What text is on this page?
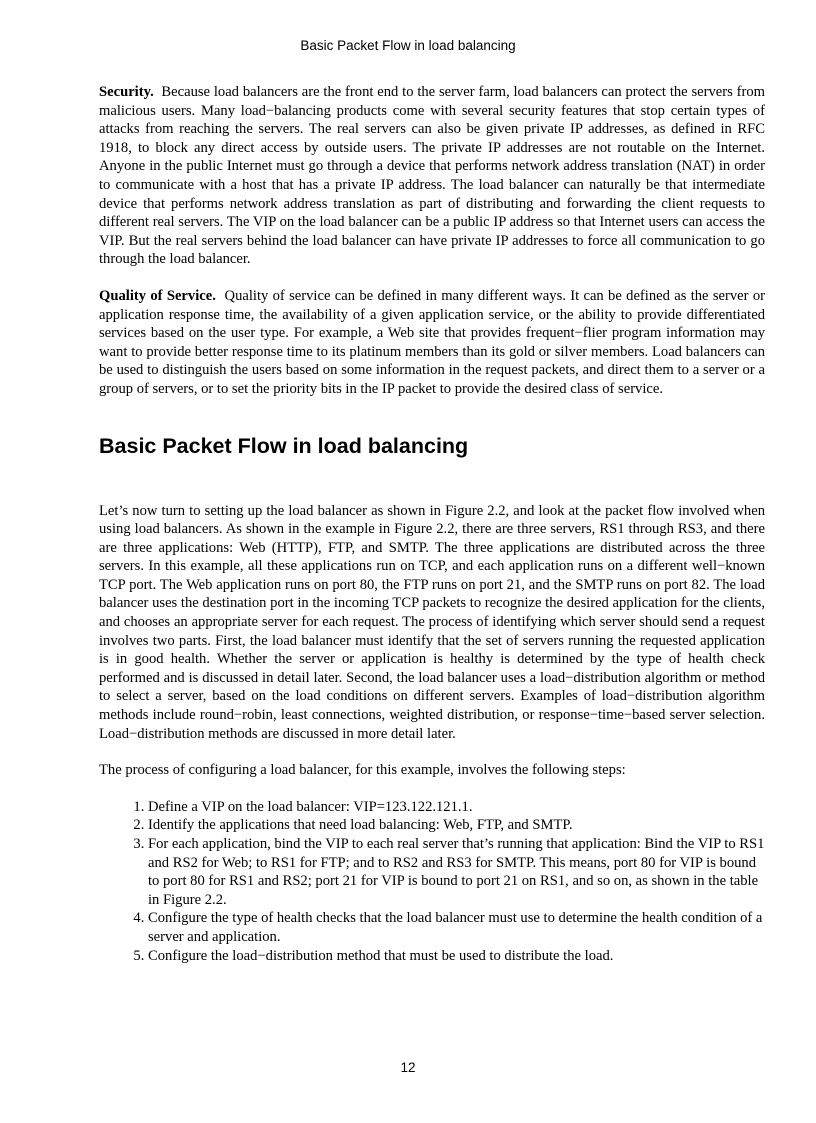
Basic Packet Flow in load balancing

Security. Because load balancers are the front end to the server farm, load balancers can protect the servers from malicious users. Many load−balancing products come with several security features that stop certain types of attacks from reaching the servers. The real servers can also be given private IP addresses, as defined in RFC 1918, to block any direct access by outside users. The private IP addresses are not routable on the Internet. Anyone in the public Internet must go through a device that performs network address translation (NAT) in order to communicate with a host that has a private IP address. The load balancer can naturally be that intermediate device that performs network address translation as part of distributing and forwarding the client requests to different real servers. The VIP on the load balancer can be a public IP address so that Internet users can access the VIP. But the real servers behind the load balancer can have private IP addresses to force all communication to go through the load balancer.

Quality of Service. Quality of service can be defined in many different ways. It can be defined as the server or application response time, the availability of a given application service, or the ability to provide differentiated services based on the user type. For example, a Web site that provides frequent−flier program information may want to provide better response time to its platinum members than its gold or silver members. Load balancers can be used to distinguish the users based on some information in the request packets, and direct them to a server or a group of servers, or to set the priority bits in the IP packet to provide the desired class of service.

Basic Packet Flow in load balancing

Let’s now turn to setting up the load balancer as shown in Figure 2.2, and look at the packet flow involved when using load balancers. As shown in the example in Figure 2.2, there are three servers, RS1 through RS3, and there are three applications: Web (HTTP), FTP, and SMTP. The three applications are distributed across the three servers. In this example, all these applications run on TCP, and each application runs on a different well−known TCP port. The Web application runs on port 80, the FTP runs on port 21, and the SMTP runs on port 82. The load balancer uses the destination port in the incoming TCP packets to recognize the desired application for the clients, and chooses an appropriate server for each request. The process of identifying which server should send a request involves two parts. First, the load balancer must identify that the set of servers running the requested application is in good health. Whether the server or application is healthy is determined by the type of health check performed and is discussed in detail later. Second, the load balancer uses a load−distribution algorithm or method to select a server, based on the load conditions on different servers. Examples of load−distribution algorithm methods include round−robin, least connections, weighted distribution, or response−time−based server selection. Load−distribution methods are discussed in more detail later.

The process of configuring a load balancer, for this example, involves the following steps:

1. Define a VIP on the load balancer: VIP=123.122.121.1.
2. Identify the applications that need load balancing: Web, FTP, and SMTP.
3. For each application, bind the VIP to each real server that’s running that application: Bind the VIP to RS1 and RS2 for Web; to RS1 for FTP; and to RS2 and RS3 for SMTP. This means, port 80 for VIP is bound to port 80 for RS1 and RS2; port 21 for VIP is bound to port 21 on RS1, and so on, as shown in the table in Figure 2.2.
4. Configure the type of health checks that the load balancer must use to determine the health condition of a server and application.
5. Configure the load−distribution method that must be used to distribute the load.
12
